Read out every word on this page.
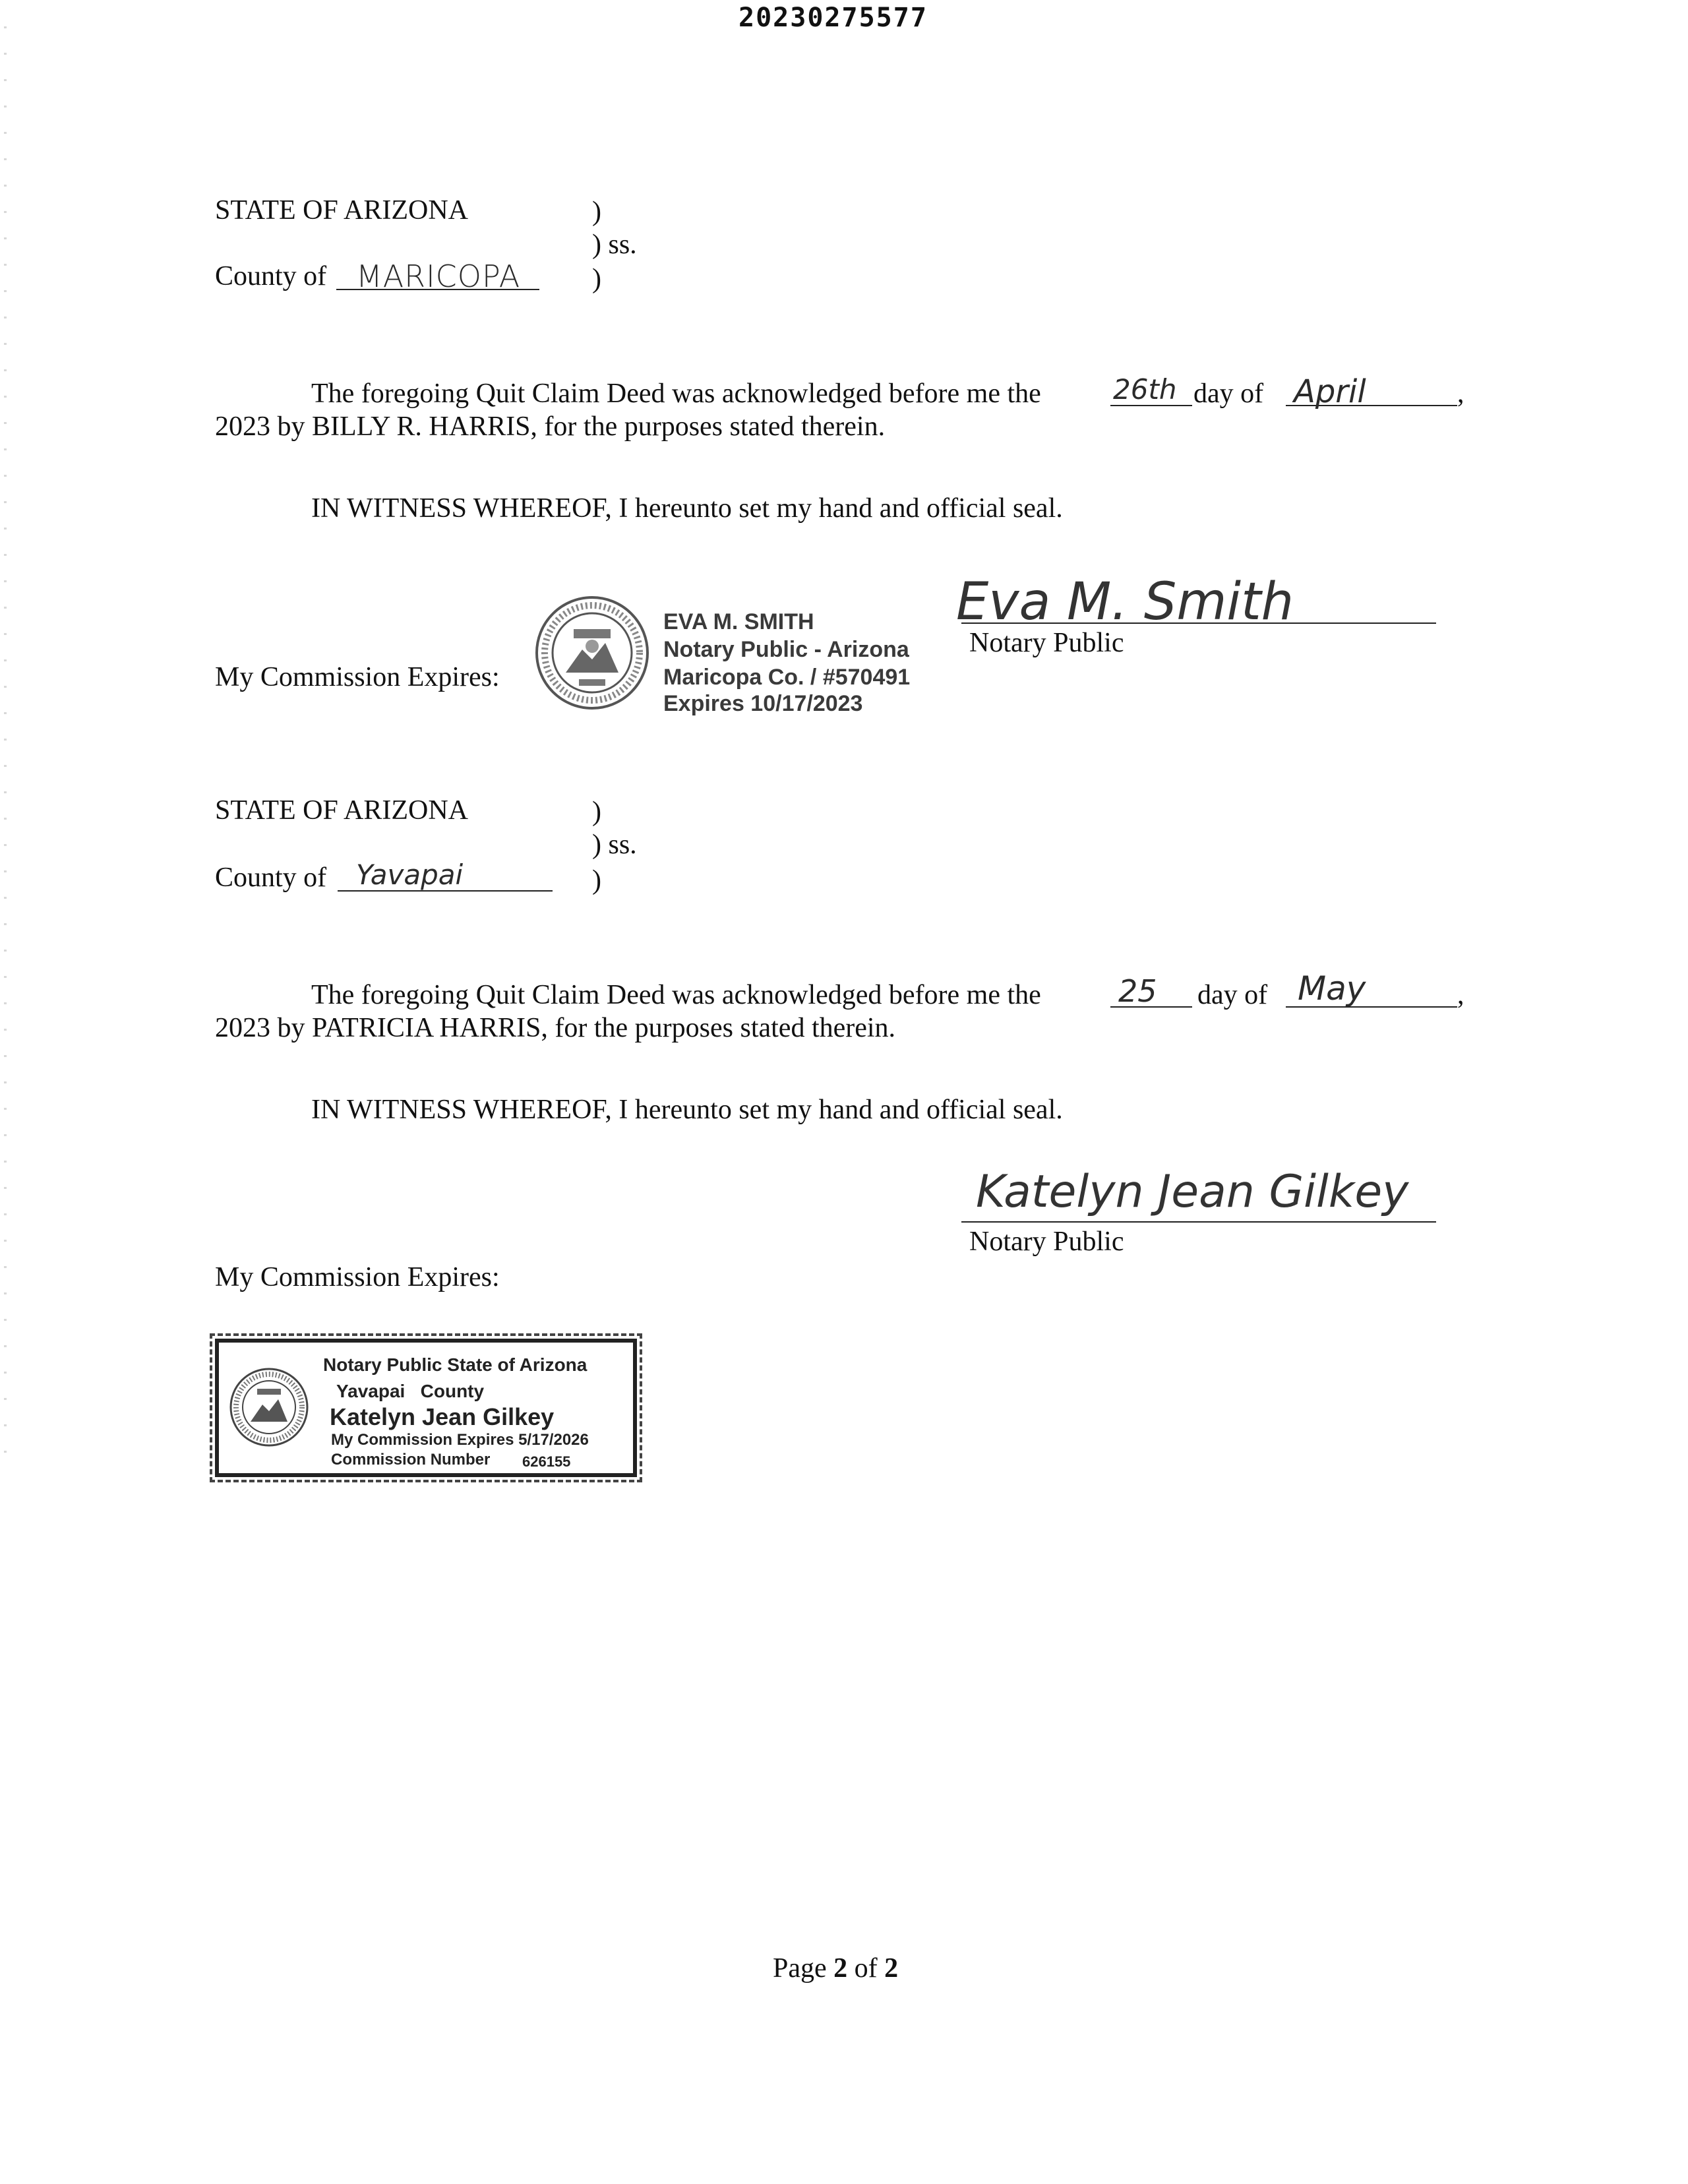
20230275577
STATE OF ARIZONA	)
) ss.
)
County of MARICOPA
The foregoing Quit Claim Deed was acknowledged before me the	26th day of April	,
2023 by BILLY R. HARRIS, for the purposes stated therein.
IN WITNESS WHEREOF, I hereunto set my hand and official seal.
My Commission Expires:
EVA M. SMITH
Notary Public - Arizona
Maricopa Co. / #570491
Expires 10/17/2023
Eva M. Smith
Notary Public
STATE OF ARIZONA	)
) ss.
)
County of Yavapai
The foregoing Quit Claim Deed was acknowledged before me the	25 day of May	,
2023 by PATRICIA HARRIS, for the purposes stated therein.
IN WITNESS WHEREOF, I hereunto set my hand and official seal.
Katelyn Jean Gilkey
Notary Public
My Commission Expires:
Notary Public State of Arizona
Yavapai   County
Katelyn Jean Gilkey
My Commission Expires 5/17/2026
Commission Number 626155
Page 2 of 2
